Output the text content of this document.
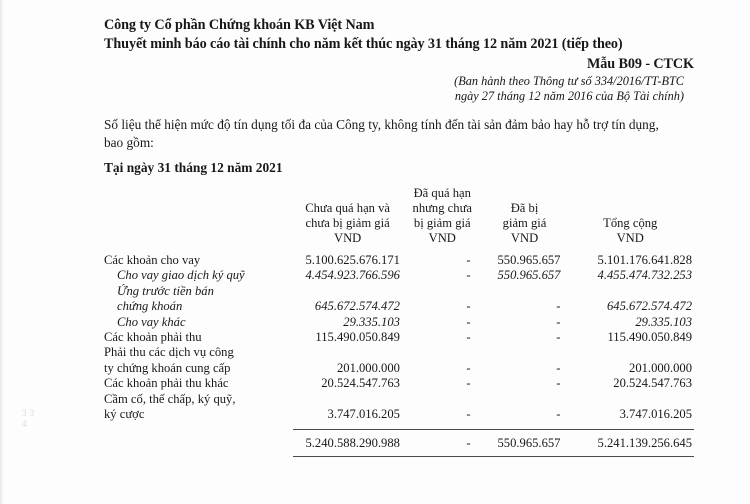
Công ty Cổ phần Chứng khoán KB Việt Nam
Thuyết minh báo cáo tài chính cho năm kết thúc ngày 31 tháng 12 năm 2021 (tiếp theo)
Mẫu B09 - CTCK
(Ban hành theo Thông tư số 334/2016/TT-BTC
ngày 27 tháng 12 năm 2016 của Bộ Tài chính)
Số liệu thể hiện mức độ tín dụng tối đa của Công ty, không tính đến tài sản đảm bảo hay hỗ trợ tín dụng, bao gồm:
Tại ngày 31 tháng 12 năm 2021
	Chưa quá hạn và
chưa bị giảm giá
VND	Đã quá hạn
nhưng chưa
bị giảm giá
VND	Đã bị
giảm giá
VND	Tổng cộng
VND

Các khoản cho vay	5.100.625.676.171	-	550.965.657	5.101.176.641.828
Cho vay giao dịch ký quỹ	4.454.923.766.596	-	550.965.657	4.455.474.732.253
Ứng trước tiền bán				
chứng khoán	645.672.574.472	-	-	645.672.574.472
Cho vay khác	29.335.103	-	-	29.335.103
Các khoản phải thu	115.490.050.849	-	-	115.490.050.849
Phải thu các dịch vụ công				
ty chứng khoán cung cấp	201.000.000	-	-	201.000.000
Các khoản phải thu khác	20.524.547.763	-	-	20.524.547.763
Cầm cố, thế chấp, ký quỹ,				
ký cược	3.747.016.205	-	-	3.747.016.205

	5.240.588.290.988	-	550.965.657	5.241.139.256.645

3 3 4
